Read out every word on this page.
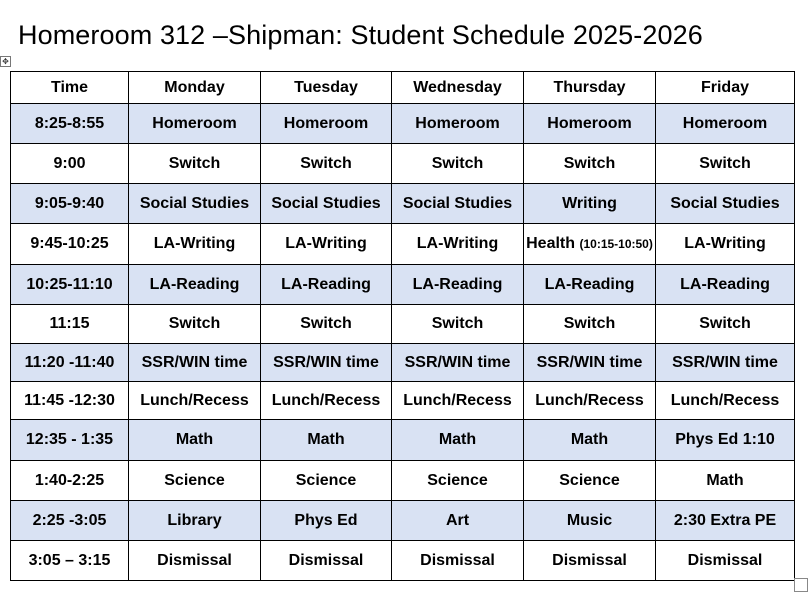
Homeroom 312 –Shipman: Student Schedule 2025-2026
✥
Time	Monday	Tuesday	Wednesday	Thursday	Friday
8:25-8:55	Homeroom	Homeroom	Homeroom	Homeroom	Homeroom
9:00	Switch	Switch	Switch	Switch	Switch
9:05-9:40	Social Studies	Social Studies	Social Studies	Writing	Social Studies
9:45-10:25	LA-Writing	LA-Writing	LA-Writing	Health (10:15-10:50)	LA-Writing
10:25-11:10	LA-Reading	LA-Reading	LA-Reading	LA-Reading	LA-Reading
11:15	Switch	Switch	Switch	Switch	Switch
11:20 -11:40	SSR/WIN time	SSR/WIN time	SSR/WIN time	SSR/WIN time	SSR/WIN time
11:45 -12:30	Lunch/Recess	Lunch/Recess	Lunch/Recess	Lunch/Recess	Lunch/Recess
12:35 - 1:35	Math	Math	Math	Math	Phys Ed 1:10
1:40-2:25	Science	Science	Science	Science	Math
2:25 -3:05	Library	Phys Ed	Art	Music	2:30 Extra PE
3:05 – 3:15	Dismissal	Dismissal	Dismissal	Dismissal	Dismissal
